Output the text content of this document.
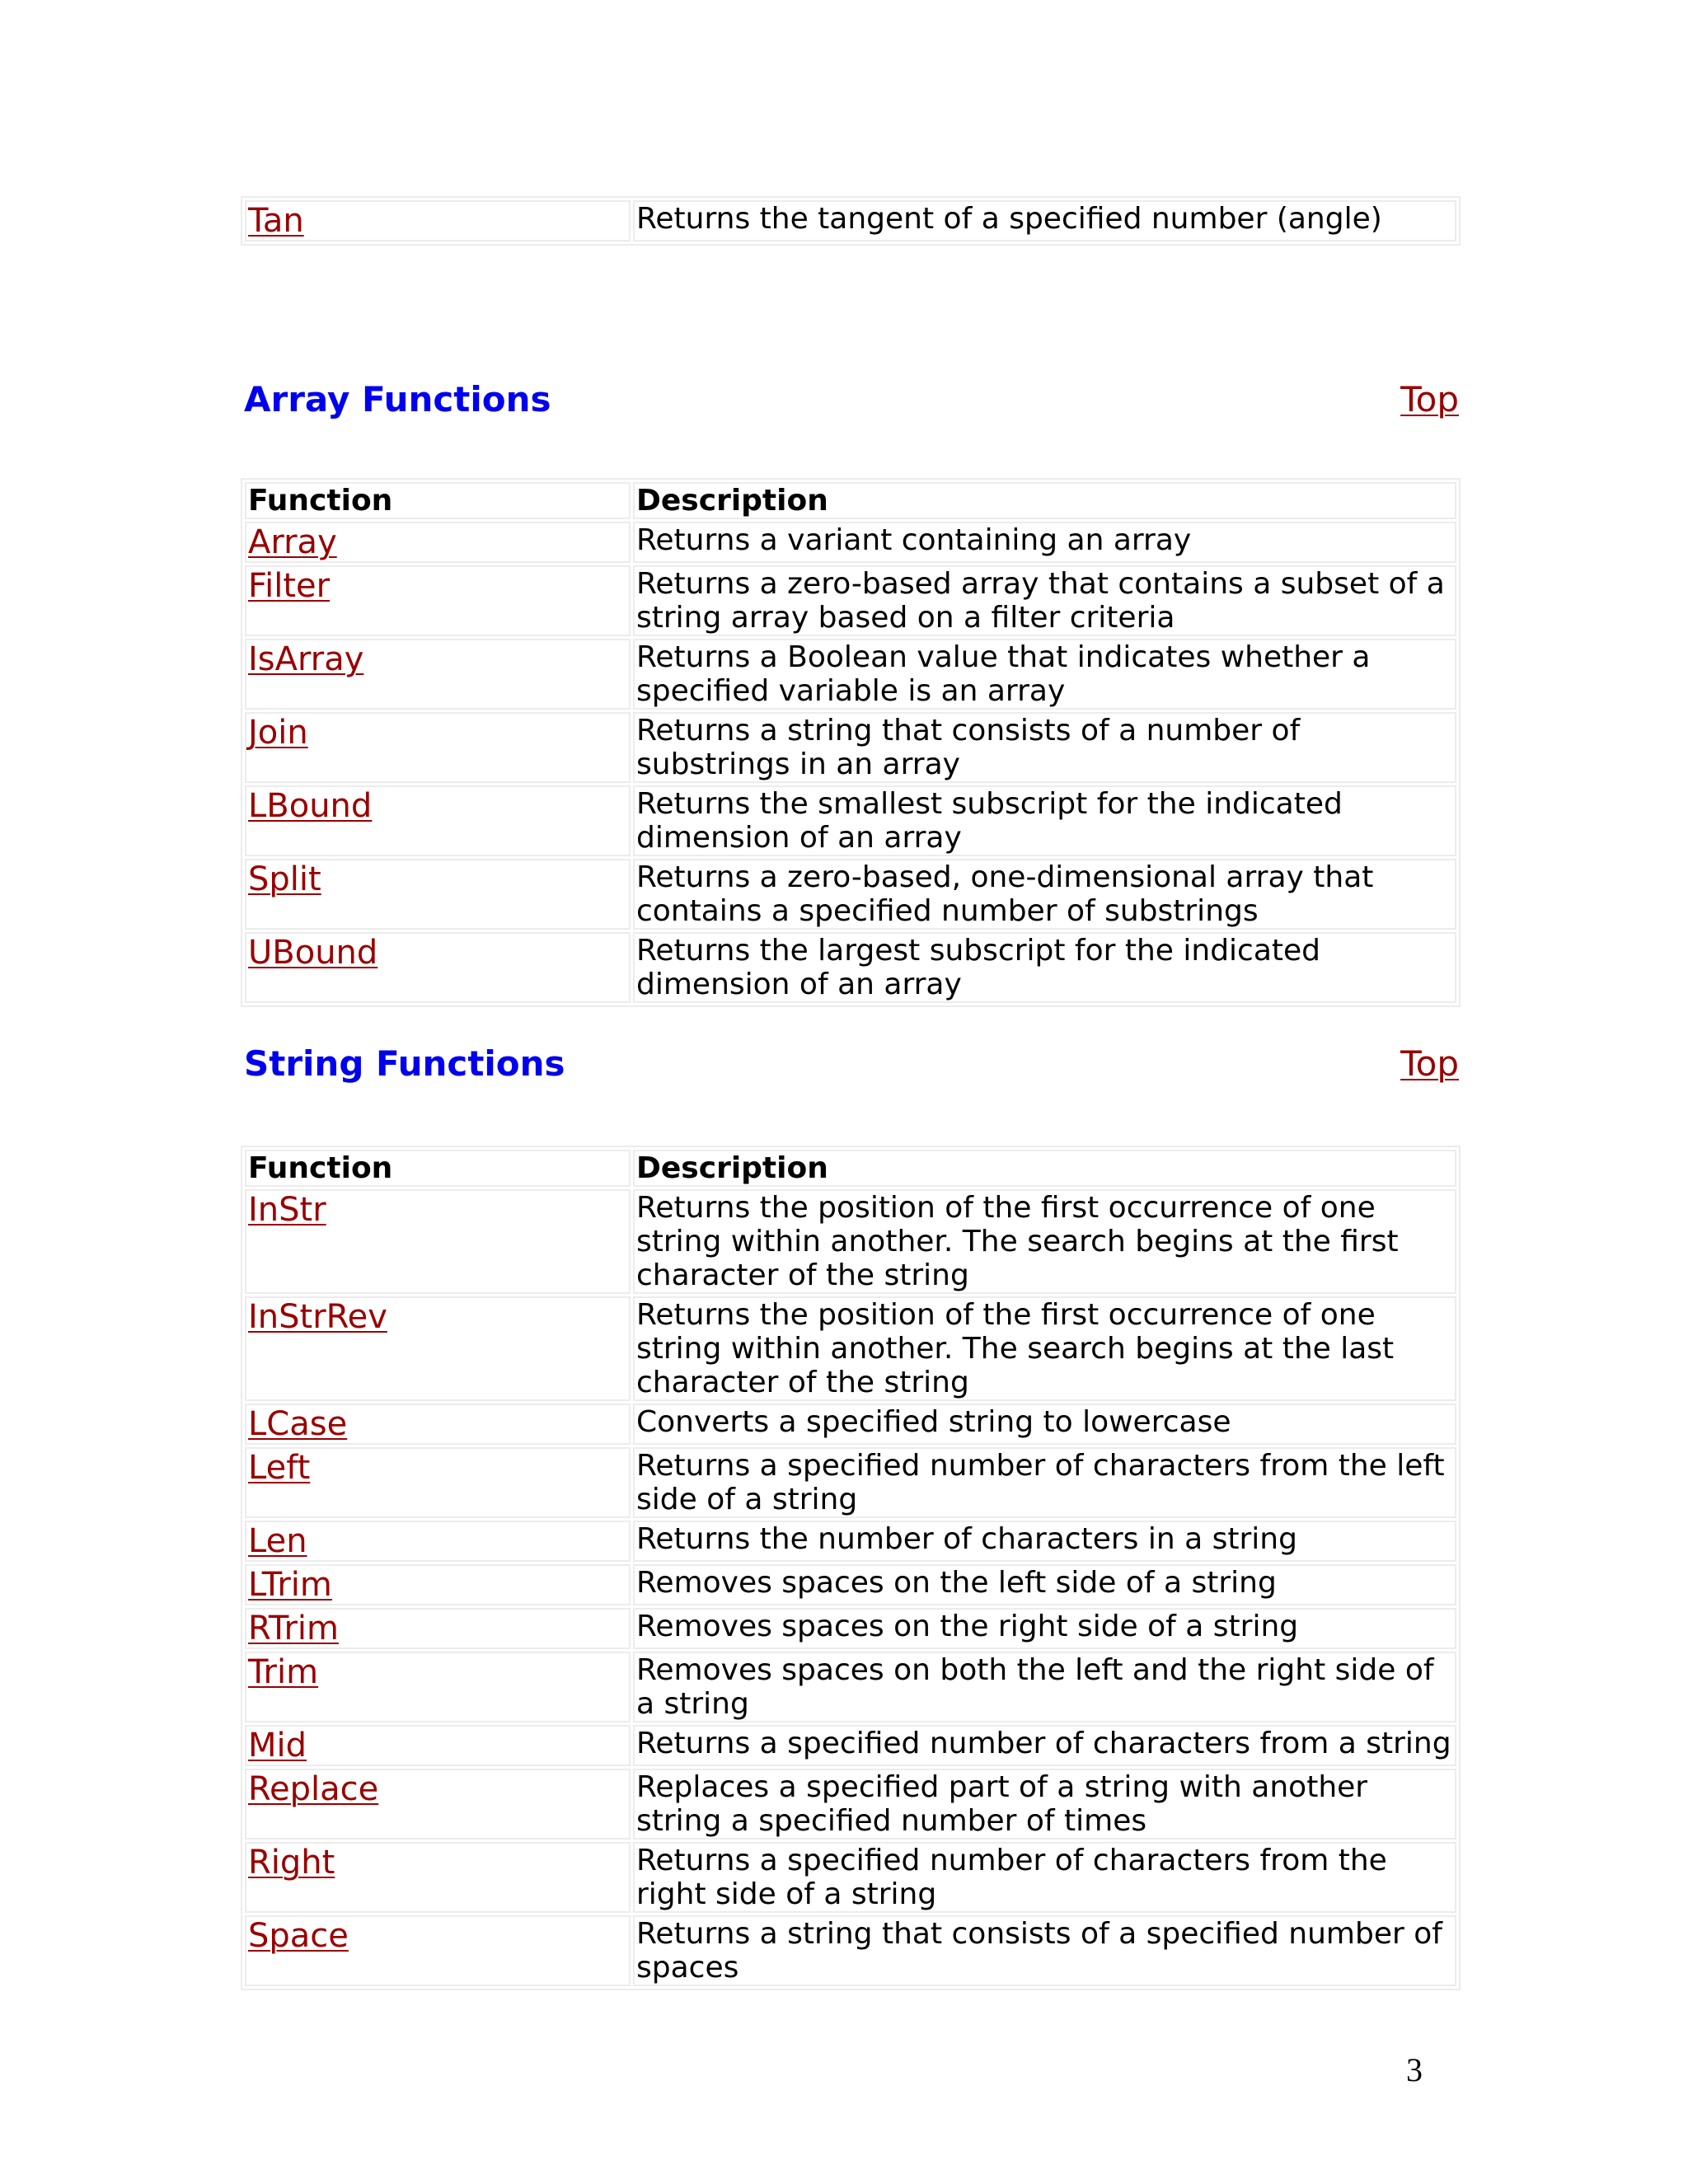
Tan	Returns the tangent of a specified number (angle)
Array Functions	Top
Function	Description
Array	Returns a variant containing an array
Filter	Returns a zero-based array that contains a subset of a string array based on a filter criteria
IsArray	Returns a Boolean value that indicates whether a specified variable is an array
Join	Returns a string that consists of a number of substrings in an array
LBound	Returns the smallest subscript for the indicated dimension of an array
Split	Returns a zero-based, one-dimensional array that contains a specified number of substrings
UBound	Returns the largest subscript for the indicated dimension of an array
String Functions	Top
Function	Description
InStr	Returns the position of the first occurrence of one string within another. The search begins at the first character of the string
InStrRev	Returns the position of the first occurrence of one string within another. The search begins at the last character of the string
LCase	Converts a specified string to lowercase
Left	Returns a specified number of characters from the left side of a string
Len	Returns the number of characters in a string
LTrim	Removes spaces on the left side of a string
RTrim	Removes spaces on the right side of a string
Trim	Removes spaces on both the left and the right side of a string
Mid	Returns a specified number of characters from a string
Replace	Replaces a specified part of a string with another string a specified number of times
Right	Returns a specified number of characters from the right side of a string
Space	Returns a string that consists of a specified number of spaces
3
